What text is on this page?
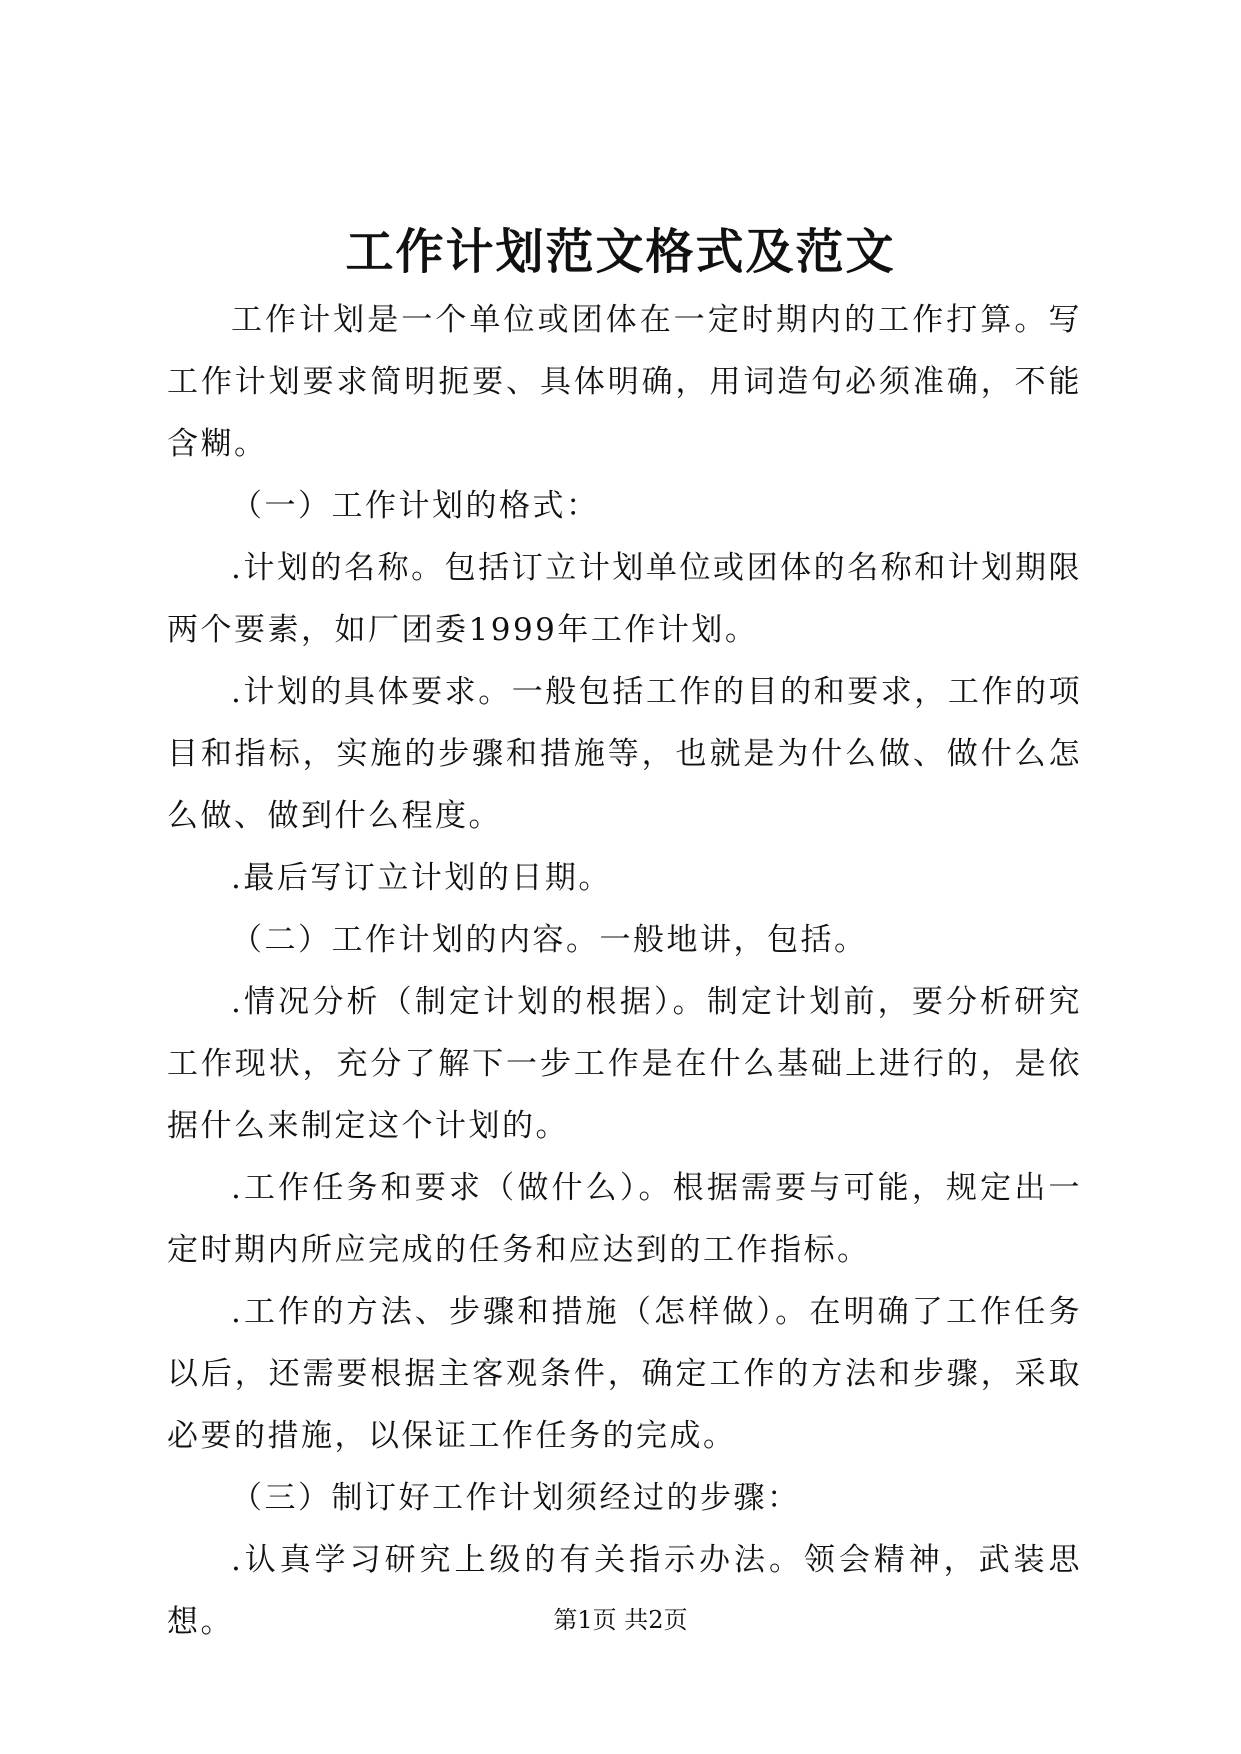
工作计划范文格式及范文

工作计划是一个单位或团体在一定时期内的工作打算。写工作计划要求简明扼要、具体明确，用词造句必须准确，不能含糊。

（一）工作计划的格式：

.计划的名称。包括订立计划单位或团体的名称和计划期限两个要素，如厂团委1999年工作计划。

.计划的具体要求。一般包括工作的目的和要求，工作的项目和指标，实施的步骤和措施等，也就是为什么做、做什么怎么做、做到什么程度。

.最后写订立计划的日期。

（二）工作计划的内容。一般地讲，包括。

.情况分析（制定计划的根据）。制定计划前，要分析研究工作现状，充分了解下一步工作是在什么基础上进行的，是依据什么来制定这个计划的。

.工作任务和要求（做什么）。根据需要与可能，规定出一定时期内所应完成的任务和应达到的工作指标。

.工作的方法、步骤和措施（怎样做）。在明确了工作任务以后，还需要根据主客观条件，确定工作的方法和步骤，采取必要的措施，以保证工作任务的完成。

（三）制订好工作计划须经过的步骤：

.认真学习研究上级的有关指示办法。领会精神，武装思想。	第1页 共2页
